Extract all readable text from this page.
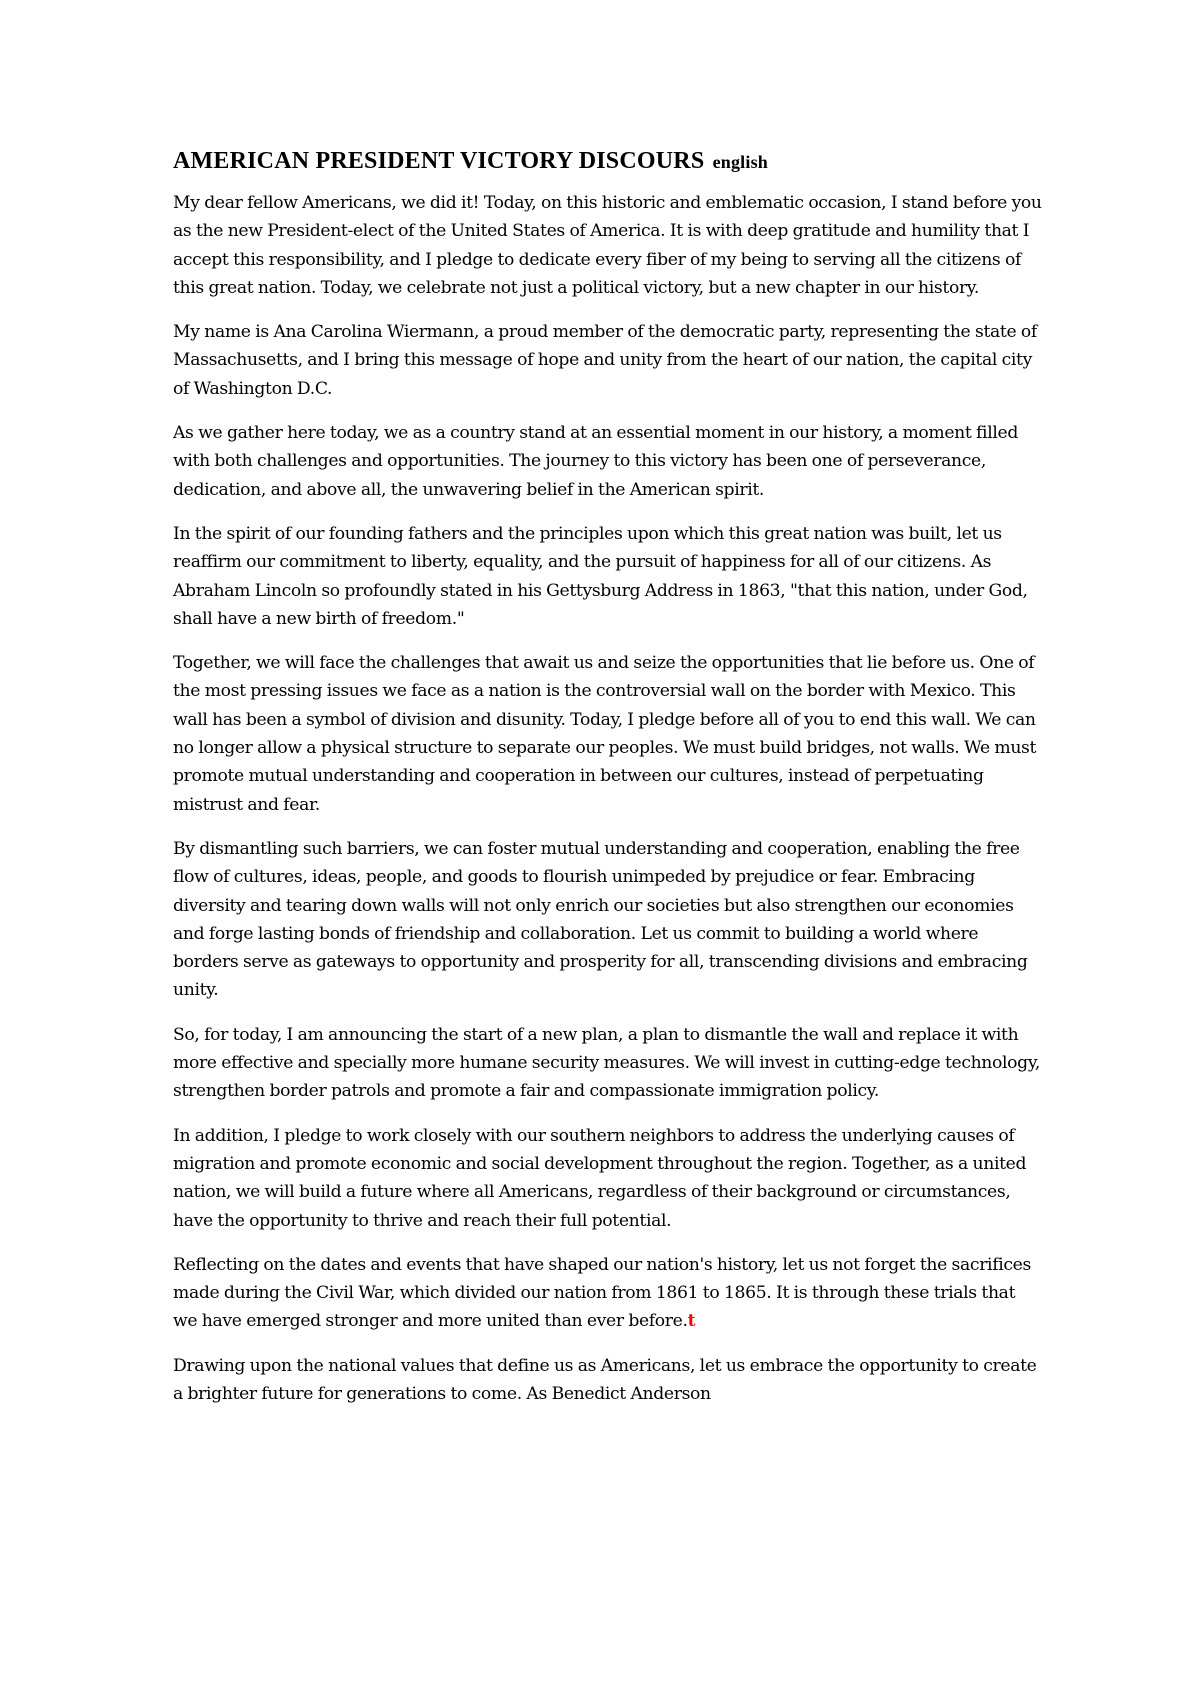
AMERICAN PRESIDENT VICTORY DISCOURS english

My dear fellow Americans, we did it! Today, on this historic and emblematic occasion, I stand before you as the new President-elect of the United States of America. It is with deep gratitude and humility that I accept this responsibility, and I pledge to dedicate every fiber of my being to serving all the citizens of this great nation. Today, we celebrate not just a political victory, but a new chapter in our history.

My name is Ana Carolina Wiermann, a proud member of the democratic party, representing the state of Massachusetts, and I bring this message of hope and unity from the heart of our nation, the capital city of Washington D.C.

As we gather here today, we as a country stand at an essential moment in our history, a moment filled with both challenges and opportunities. The journey to this victory has been one of perseverance, dedication, and above all, the unwavering belief in the American spirit.

In the spirit of our founding fathers and the principles upon which this great nation was built, let us reaffirm our commitment to liberty, equality, and the pursuit of happiness for all of our citizens. As Abraham Lincoln so profoundly stated in his Gettysburg Address in 1863, "that this nation, under God, shall have a new birth of freedom."

Together, we will face the challenges that await us and seize the opportunities that lie before us. One of the most pressing issues we face as a nation is the controversial wall on the border with Mexico. This wall has been a symbol of division and disunity. Today, I pledge before all of you to end this wall. We can no longer allow a physical structure to separate our peoples. We must build bridges, not walls. We must promote mutual understanding and cooperation in between our cultures, instead of perpetuating mistrust and fear.

By dismantling such barriers, we can foster mutual understanding and cooperation, enabling the free flow of cultures, ideas, people, and goods to flourish unimpeded by prejudice or fear. Embracing diversity and tearing down walls will not only enrich our societies but also strengthen our economies and forge lasting bonds of friendship and collaboration. Let us commit to building a world where borders serve as gateways to opportunity and prosperity for all, transcending divisions and embracing unity.

So, for today, I am announcing the start of a new plan, a plan to dismantle the wall and replace it with more effective and specially more humane security measures. We will invest in cutting-edge technology, strengthen border patrols and promote a fair and compassionate immigration policy.

In addition, I pledge to work closely with our southern neighbors to address the underlying causes of migration and promote economic and social development throughout the region. Together, as a united nation, we will build a future where all Americans, regardless of their background or circumstances, have the opportunity to thrive and reach their full potential.

Reflecting on the dates and events that have shaped our nation's history, let us not forget the sacrifices made during the Civil War, which divided our nation from 1861 to 1865. It is through these trials that we have emerged stronger and more united than ever before.t

Drawing upon the national values that define us as Americans, let us embrace the opportunity to create a brighter future for generations to come. As Benedict Anderson
